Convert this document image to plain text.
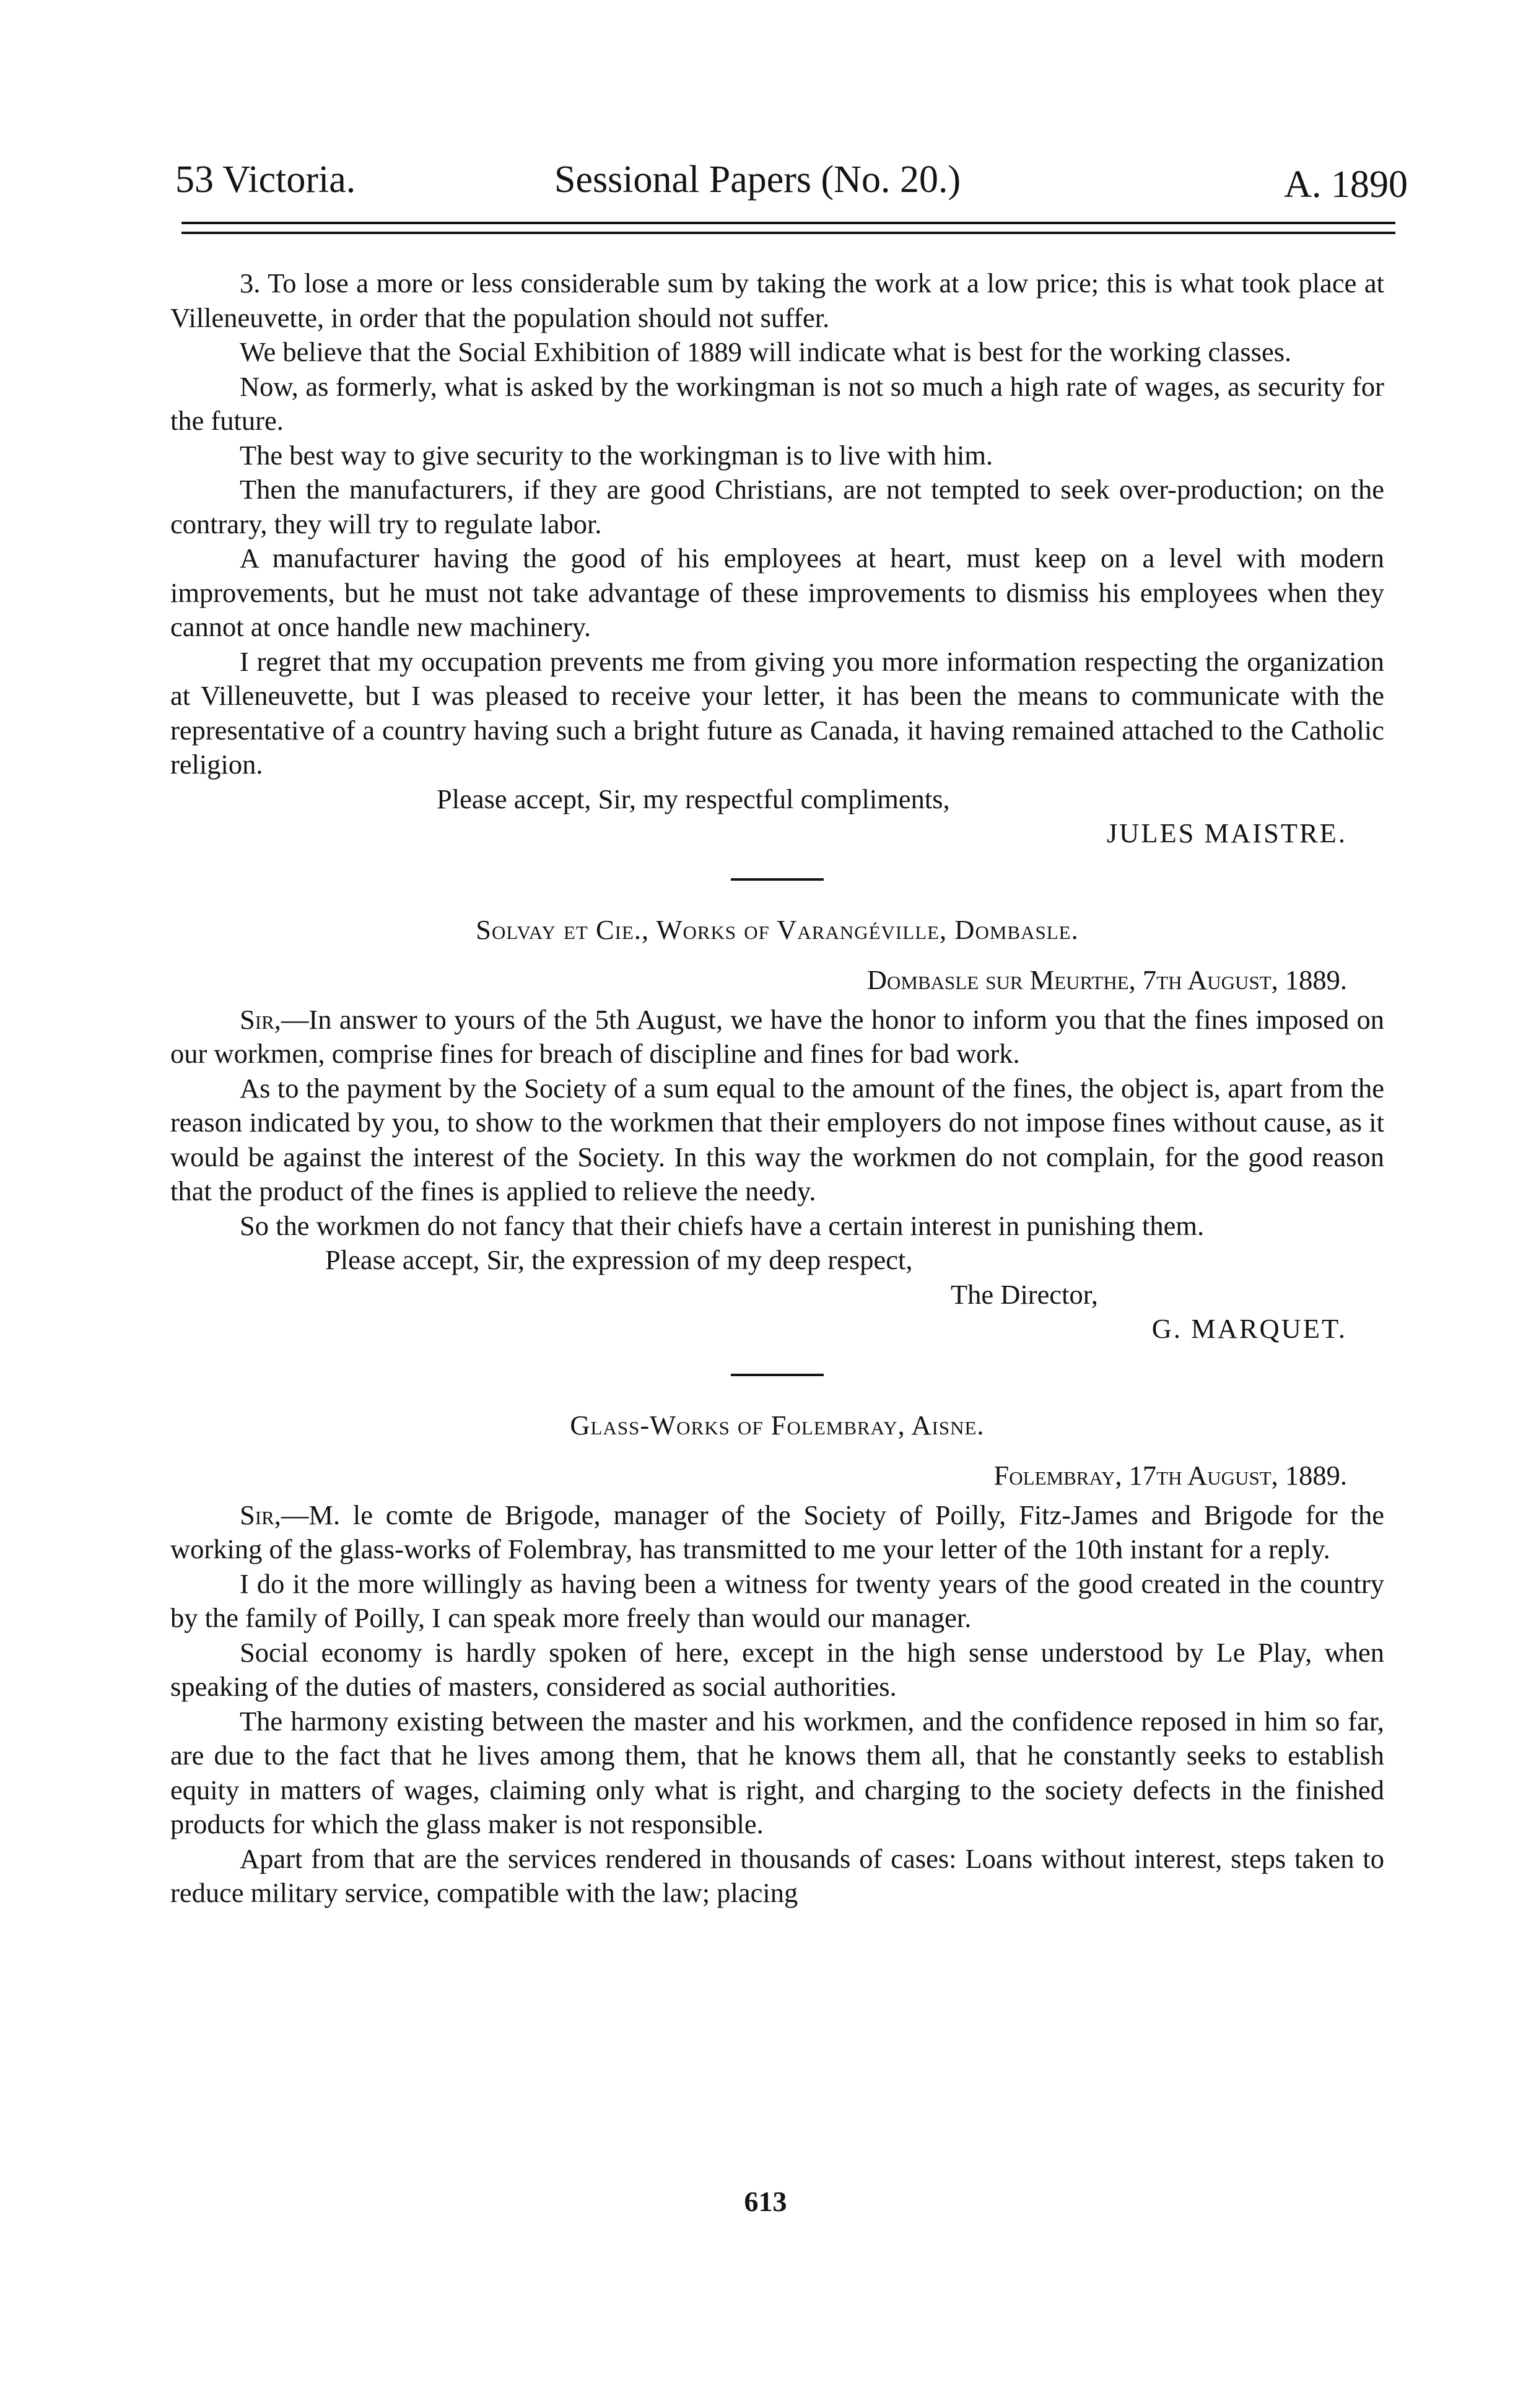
53 Victoria.	Sessional Papers (No. 20.)	A. 1890

3. To lose a more or less considerable sum by taking the work at a low price; this is what took place at Villeneuvette, in order that the population should not suffer.

We believe that the Social Exhibition of 1889 will indicate what is best for the working classes.

Now, as formerly, what is asked by the workingman is not so much a high rate of wages, as security for the future.

The best way to give security to the workingman is to live with him.

Then the manufacturers, if they are good Christians, are not tempted to seek over-production; on the contrary, they will try to regulate labor.

A manufacturer having the good of his employees at heart, must keep on a level with modern improvements, but he must not take advantage of these improvements to dismiss his employees when they cannot at once handle new machinery.

I regret that my occupation prevents me from giving you more information respecting the organization at Villeneuvette, but I was pleased to receive your letter, it has been the means to communicate with the representative of a country having such a bright future as Canada, it having remained attached to the Catholic religion.

Please accept, Sir, my respectful compliments,

JULES MAISTRE.

Solvay et Cie., Works of Varangéville, Dombasle.

Dombasle sur Meurthe, 7th August, 1889.

Sir,—In answer to yours of the 5th August, we have the honor to inform you that the fines imposed on our workmen, comprise fines for breach of discipline and fines for bad work.

As to the payment by the Society of a sum equal to the amount of the fines, the object is, apart from the reason indicated by you, to show to the workmen that their employers do not impose fines without cause, as it would be against the interest of the Society. In this way the workmen do not complain, for the good reason that the product of the fines is applied to relieve the needy.

So the workmen do not fancy that their chiefs have a certain interest in punishing them.

Please accept, Sir, the expression of my deep respect,

The Director,

G. MARQUET.

Glass-Works of Folembray, Aisne.

Folembray, 17th August, 1889.

Sir,—M. le comte de Brigode, manager of the Society of Poilly, Fitz-James and Brigode for the working of the glass-works of Folembray, has transmitted to me your letter of the 10th instant for a reply.

I do it the more willingly as having been a witness for twenty years of the good created in the country by the family of Poilly, I can speak more freely than would our manager.

Social economy is hardly spoken of here, except in the high sense understood by Le Play, when speaking of the duties of masters, considered as social authorities.

The harmony existing between the master and his workmen, and the confidence reposed in him so far, are due to the fact that he lives among them, that he knows them all, that he constantly seeks to establish equity in matters of wages, claiming only what is right, and charging to the society defects in the finished products for which the glass maker is not responsible.

Apart from that are the services rendered in thousands of cases: Loans without interest, steps taken to reduce military service, compatible with the law; placing

613
